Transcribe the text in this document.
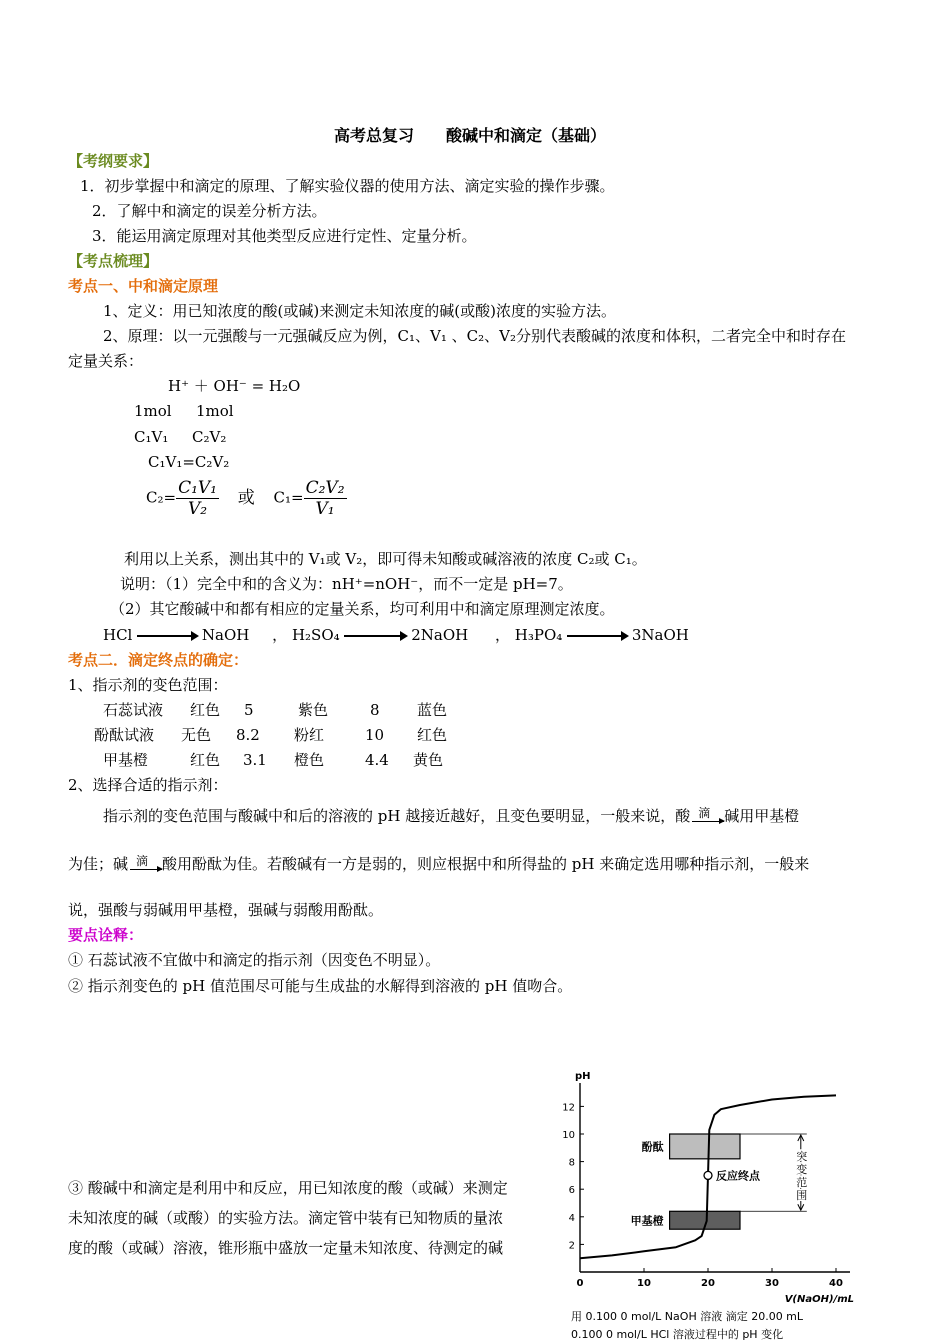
高考总复习　　酸碱中和滴定（基础）
【考纲要求】
1．初步掌握中和滴定的原理、了解实验仪器的使用方法、滴定实验的操作步骤。
2．了解中和滴定的误差分析方法。
3．能运用滴定原理对其他类型反应进行定性、定量分析。
【考点梳理】
考点一、中和滴定原理
1、定义：用已知浓度的酸(或碱)来测定未知浓度的碱(或酸)浓度的实验方法。
2、原理：以一元强酸与一元强碱反应为例，C₁、V₁ 、C₂、V₂分别代表酸碱的浓度和体积，二者完全中和时存在
定量关系：
H⁺ ＋ OH⁻ = H₂O
1mol 1mol
C₁V₁ C₂V₂
C₁V₁=C₂V₂
$C_2= \frac{\text{C₁V₁}}{\text{V₂}}$ 或 $C_1= \frac{\text{C₂V₂}}{\text{V₁}}$
利用以上关系，测出其中的 V₁或 V₂，即可得未知酸或碱溶液的浓度 C₂或 C₁。
说明：（1）完全中和的含义为：nH⁺=nOH⁻，而不一定是 pH=7。
（2）其它酸碱中和都有相应的定量关系，均可利用中和滴定原理测定浓度。
HCl	NaOH ， H₂SO₄	2NaOH ， H₃PO₄	3NaOH
考点二．滴定终点的确定：
1、指示剂的变色范围：
石蕊试液 红色 5	紫色	8 蓝色
酚酞试液 无色 8.2 粉红	10 红色
甲基橙	红色 3.1 橙色	4.4 黄色
2、选择合适的指示剂：
指示剂的变色范围与酸碱中和后的溶液的 pH 越接近越好，且变色要明显，一般来说，酸 滴 碱用甲基橙
为佳；碱 滴 酸用酚酞为佳。若酸碱有一方是弱的，则应根据中和所得盐的 pH 来确定选用哪种指示剂，一般来
说，强酸与弱碱用甲基橙，强碱与弱酸用酚酞。
要点诠释：
① 石蕊试液不宜做中和滴定的指示剂（因变色不明显）。
② 指示剂变色的 pH 值范围尽可能与生成盐的水解得到溶液的 pH 值吻合。
③ 酸碱中和滴定是利用中和反应，用已知浓度的酸（或碱）来测定
未知浓度的碱（或酸）的实验方法。滴定管中装有已知物质的量浓
度的酸（或碱）溶液，锥形瓶中盛放一定量未知浓度、待测定的碱
pH
2
4
6
8
10
12
0	10	20	30	40
V(NaOH)/mL
酚酞
甲基橙
突
变
范
围
反应终点
用 0.100 0 mol/L NaOH 溶液 滴定 20.00 mL
0.100 0 mol/L HCl 溶液过程中的 pH 变化
